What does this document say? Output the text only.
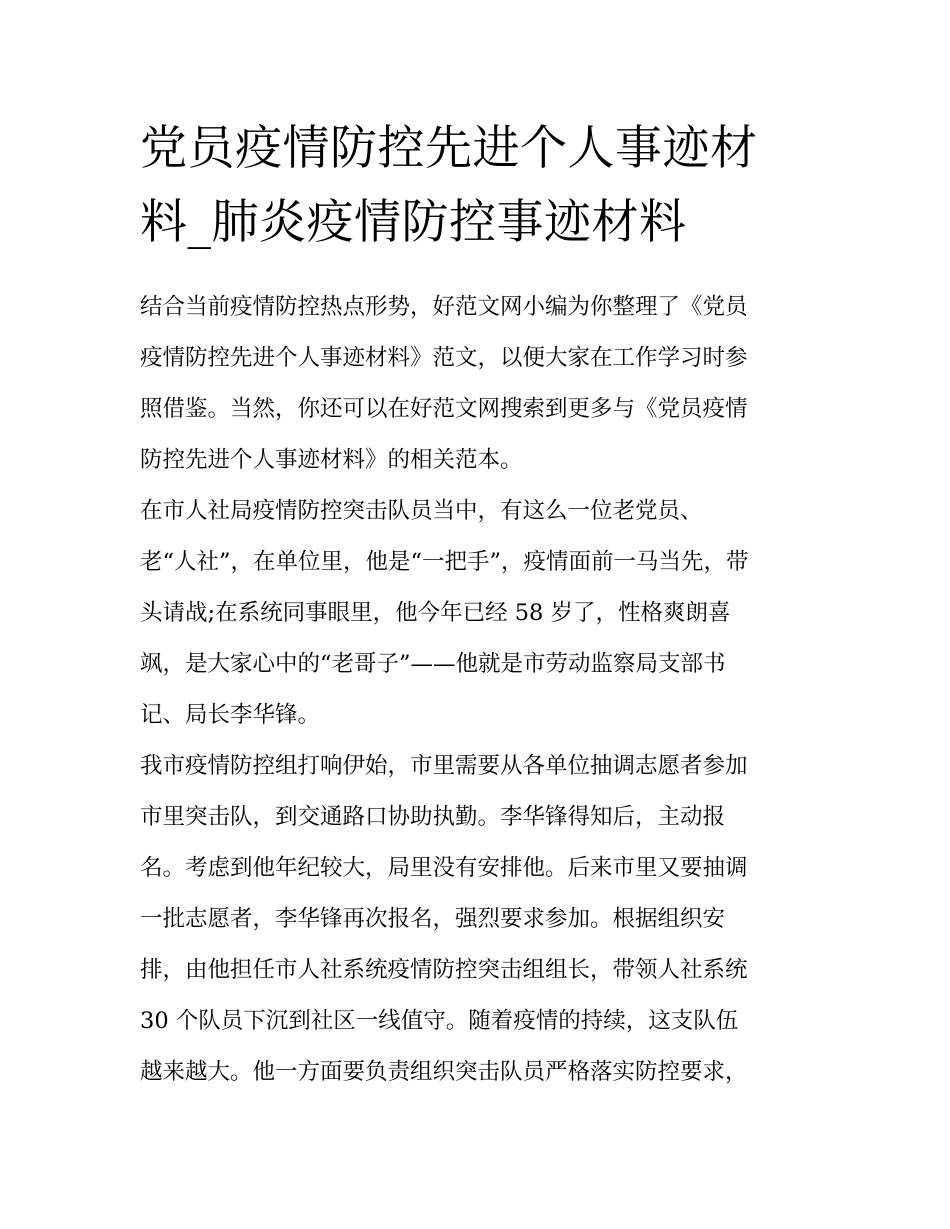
党员疫情防控先进个人事迹材
料_肺炎疫情防控事迹材料

结合当前疫情防控热点形势，好范文网小编为你整理了《党员
疫情防控先进个人事迹材料》范文，以便大家在工作学习时参
照借鉴。当然，你还可以在好范文网搜索到更多与《党员疫情
防控先进个人事迹材料》的相关范本。

在市人社局疫情防控突击队员当中，有这么一位老党员、
老“人社”，在单位里，他是“一把手”，疫情面前一马当先，带
头请战;在系统同事眼里，他今年已经 58 岁了，性格爽朗喜
飒，是大家心中的“老哥子”——他就是市劳动监察局支部书
记、局长李华锋。

我市疫情防控组打响伊始，市里需要从各单位抽调志愿者参加
市里突击队，到交通路口协助执勤。李华锋得知后，主动报
名。考虑到他年纪较大，局里没有安排他。后来市里又要抽调
一批志愿者，李华锋再次报名，强烈要求参加。根据组织安
排，由他担任市人社系统疫情防控突击组组长，带领人社系统
30 个队员下沉到社区一线值守。随着疫情的持续，这支队伍
越来越大。他一方面要负责组织突击队员严格落实防控要求，
